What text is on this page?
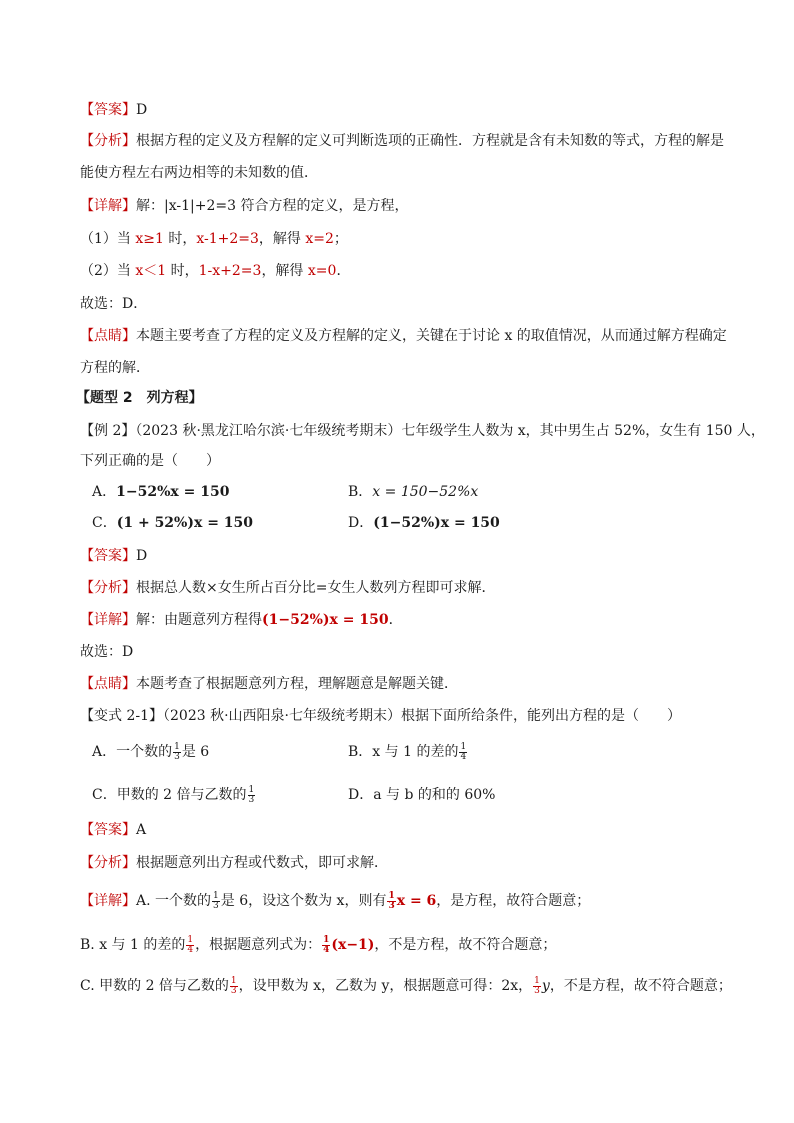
【答案】D
【分析】根据方程的定义及方程解的定义可判断选项的正确性．方程就是含有未知数的等式，方程的解是
能使方程左右两边相等的未知数的值．
【详解】解：|x-1|+2=3 符合方程的定义，是方程，
（1）当 x≥1 时，x-1+2=3，解得 x=2；
（2）当 x＜1 时，1-x+2=3，解得 x=0．
故选：D．
【点睛】本题主要考查了方程的定义及方程解的定义，关键在于讨论 x 的取值情况，从而通过解方程确定
方程的解．
【题型 2　列方程】
【例 2】（2023 秋·黑龙江哈尔滨·七年级统考期末）七年级学生人数为 x，其中男生占 52%，女生有 150 人，
下列正确的是（　　）
A．1−52%x = 150	B．x = 150−52%x
C．(1 + 52%)x = 150	D．(1−52%)x = 150
【答案】D
【分析】根据总人数×女生所占百分比=女生人数列方程即可求解．
【详解】解：由题意列方程得(1−52%)x = 150．
故选：D
【点睛】本题考查了根据题意列方程，理解题意是解题关键．
【变式 2-1】（2023 秋·山西阳泉·七年级统考期末）根据下面所给条件，能列出方程的是（　　）
A．一个数的 $\frac{1}{3}$ 是 6	B．x 与 1 的差的 $\frac{1}{4}$
C．甲数的 2 倍与乙数的 $\frac{1}{3}$	D．a 与 b 的和的 60%
【答案】A
【分析】根据题意列出方程或代数式，即可求解．
【详解】A. 一个数的 $\frac{1}{3}$ 是 6，设这个数为 x，则有 $\frac{1}{3}$ x = 6，是方程，故符合题意；
B. x 与 1 的差的 $\frac{1}{4}$ ，根据题意列式为： $\frac{1}{4} (x-1)$，不是方程，故不符合题意；
C. 甲数的 2 倍与乙数的 $\frac{1}{3}$ ，设甲数为 x，乙数为 y，根据题意可得：2x， $\frac{1}{3}$ y，不是方程，故不符合题意；
